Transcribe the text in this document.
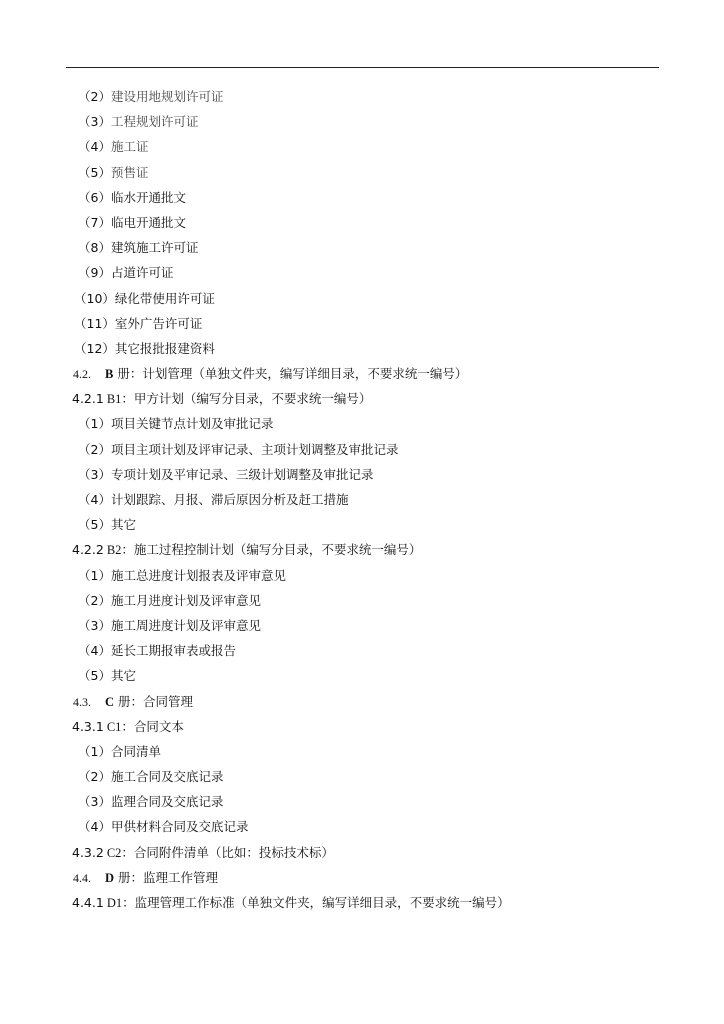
（2）建设用地规划许可证
（3）工程规划许可证
（4）施工证
（5）预售证
（6）临水开通批文
（7）临电开通批文
（8）建筑施工许可证
（9）占道许可证
（10）绿化带使用许可证
（11）室外广告许可证
（12）其它报批报建资料
4.2. B 册：计划管理（单独文件夹，编写详细目录，不要求统一编号）
4.2.1 B1：甲方计划（编写分目录，不要求统一编号）
（1）项目关键节点计划及审批记录
（2）项目主项计划及评审记录、主项计划调整及审批记录
（3）专项计划及平审记录、三级计划调整及审批记录
（4）计划跟踪、月报、滞后原因分析及赶工措施
（5）其它
4.2.2 B2：施工过程控制计划（编写分目录，不要求统一编号）
（1）施工总进度计划报表及评审意见
（2）施工月进度计划及评审意见
（3）施工周进度计划及评审意见
（4）延长工期报审表或报告
（5）其它
4.3. C 册：合同管理
4.3.1 C1：合同文本
（1）合同清单
（2）施工合同及交底记录
（3）监理合同及交底记录
（4）甲供材料合同及交底记录
4.3.2 C2：合同附件清单（比如：投标技术标）
4.4. D 册：监理工作管理
4.4.1 D1：监理管理工作标准（单独文件夹，编写详细目录，不要求统一编号）
